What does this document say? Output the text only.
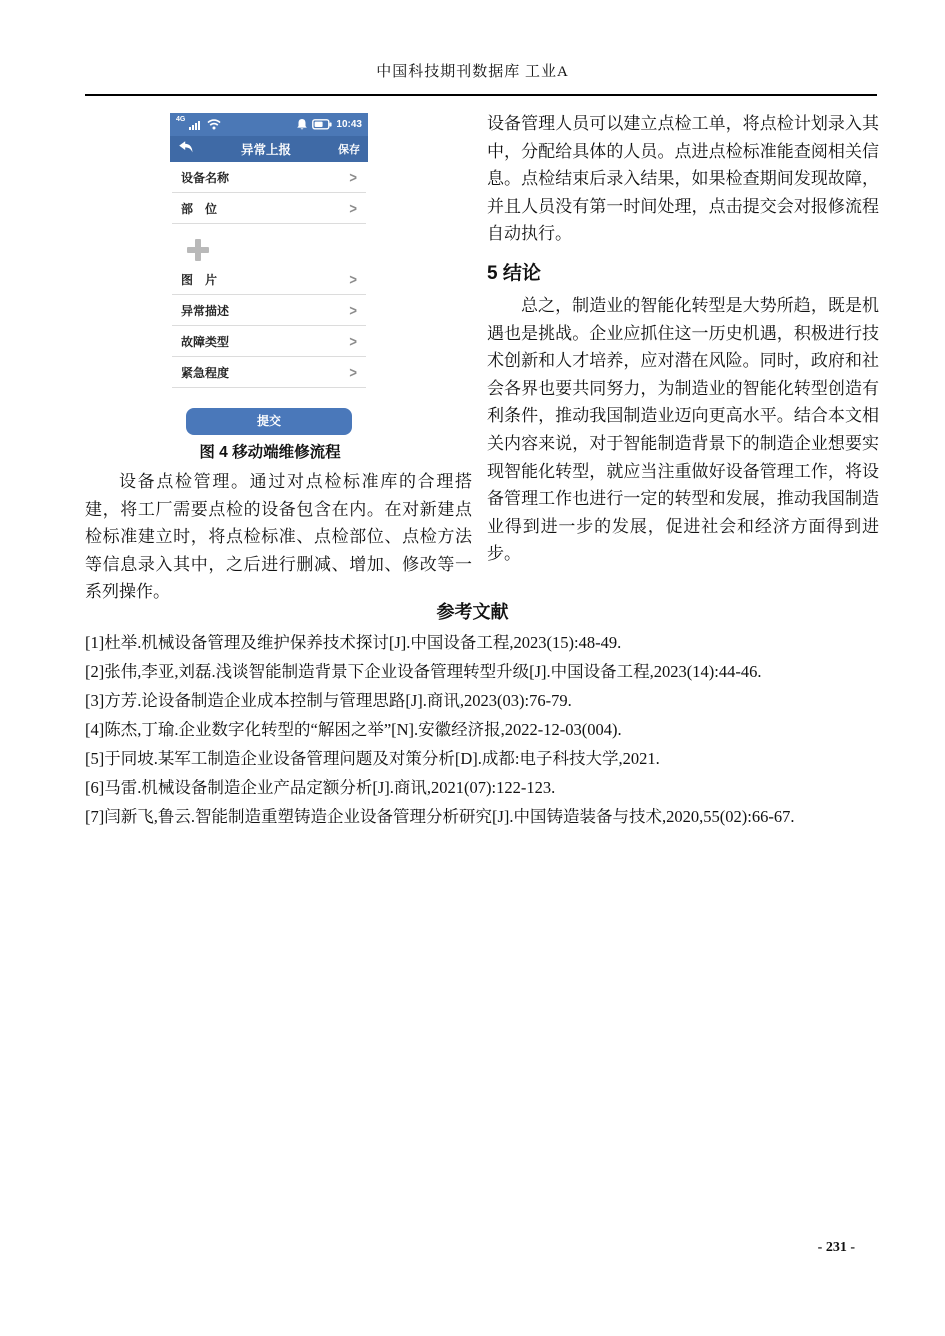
中国科技期刊数据库 工业A
4G	10:43
异常上报	保存
设备名称	>
部　位	>
图　片	>
异常描述	>
故障类型	>
紧急程度	>
提交
图 4 移动端维修流程

设备点检管理。通过对点检标准库的合理搭建，将工厂需要点检的设备包含在内。在对新建点检标准建立时，将点检标准、点检部位、点检方法等信息录入其中，之后进行删减、增加、修改等一系列操作。

设备管理人员可以建立点检工单，将点检计划录入其中，分配给具体的人员。点进点检标准能查阅相关信息。点检结束后录入结果，如果检查期间发现故障，并且人员没有第一时间处理，点击提交会对报修流程自动执行。

5 结论

总之，制造业的智能化转型是大势所趋，既是机遇也是挑战。企业应抓住这一历史机遇，积极进行技术创新和人才培养，应对潜在风险。同时，政府和社会各界也要共同努力，为制造业的智能化转型创造有利条件，推动我国制造业迈向更高水平。结合本文相关内容来说，对于智能制造背景下的制造企业想要实现智能化转型，就应当注重做好设备管理工作，将设备管理工作也进行一定的转型和发展，推动我国制造业得到进一步的发展，促进社会和经济方面得到进步。

参考文献
[1]杜举.机械设备管理及维护保养技术探讨[J].中国设备工程,2023(15):48-49.
[2]张伟,李亚,刘磊.浅谈智能制造背景下企业设备管理转型升级[J].中国设备工程,2023(14):44-46.
[3]方芳.论设备制造企业成本控制与管理思路[J].商讯,2023(03):76-79.
[4]陈杰,丁瑜.企业数字化转型的“解困之举”[N].安徽经济报,2022-12-03(004).
[5]于同坡.某军工制造企业设备管理问题及对策分析[D].成都:电子科技大学,2021.
[6]马雷.机械设备制造企业产品定额分析[J].商讯,2021(07):122-123.
[7]闫新飞,鲁云.智能制造重塑铸造企业设备管理分析研究[J].中国铸造装备与技术,2020,55(02):66-67.
- 231 -
